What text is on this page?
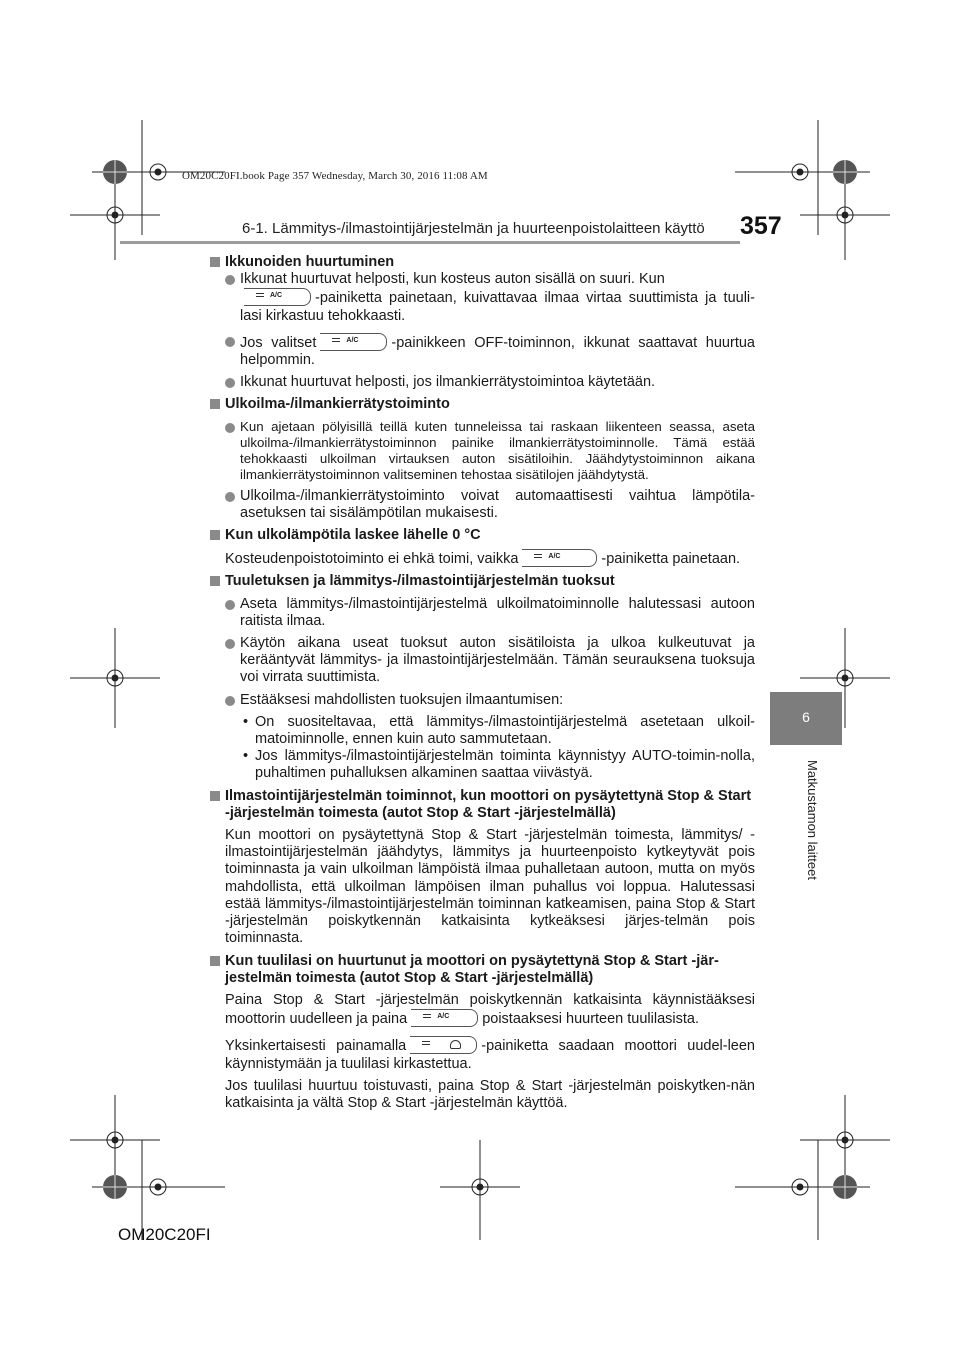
OM20C20FI.book Page 357 Wednesday, March 30, 2016 11:08 AM
6-1. Lämmitys-/ilmastointijärjestelmän ja huurteenpoistolaitteen käyttö 357
6
Matkustamon laitteet

Ikkunoiden huurtuminen

Ikkunat huurtuvat helposti, kun kosteus auton sisällä on suuri. Kun

A/C -painiketta painetaan, kuivattavaa ilmaa virtaa suuttimista ja tuuli-lasi kirkastuu tehokkaasti.

Jos valitset	A/C -painikkeen OFF-toiminnon, ikkunat saattavat huurtua helpommin.

Ikkunat huurtuvat helposti, jos ilmankierrätystoimintoa käytetään.

Ulkoilma-/ilmankierrätystoiminto

Kun ajetaan pölyisillä teillä kuten tunneleissa tai raskaan liikenteen seassa, aseta ulkoilma-/ilmankierrätystoiminnon painike ilmankierrätystoiminnolle. Tämä estää tehokkaasti ulkoilman virtauksen auton sisätiloihin. Jäähdytystoiminnon aikana ilmankierrätystoiminnon valitseminen tehostaa sisätilojen jäähdytystä.

Ulkoilma-/ilmankierrätystoiminto voivat automaattisesti vaihtua lämpötila-asetuksen tai sisälämpötilan mukaisesti.

Kun ulkolämpötila laskee lähelle 0 °C

Kosteudenpoistotoiminto ei ehkä toimi, vaikka	A/C	-painiketta painetaan.

Tuuletuksen ja lämmitys-/ilmastointijärjestelmän tuoksut

Aseta lämmitys-/ilmastointijärjestelmä ulkoilmatoiminnolle halutessasi autoon raitista ilmaa.

Käytön aikana useat tuoksut auton sisätiloista ja ulkoa kulkeutuvat ja kerääntyvät lämmitys- ja ilmastointijärjestelmään. Tämän seurauksena tuoksuja voi virrata suuttimista.

Estääksesi mahdollisten tuoksujen ilmaantumisen:

• On suositeltavaa, että lämmitys-/ilmastointijärjestelmä asetetaan ulkoil-matoiminnolle, ennen kuin auto sammutetaan.

• Jos lämmitys-/ilmastointijärjestelmän toiminta käynnistyy AUTO-toimin-nolla, puhaltimen puhalluksen alkaminen saattaa viivästyä.

Ilmastointijärjestelmän toiminnot, kun moottori on pysäytettynä Stop & Start -järjestelmän toimesta (autot Stop & Start -järjestelmällä)

Kun moottori on pysäytettynä Stop & Start -järjestelmän toimesta, lämmitys/ -ilmastointijärjestelmän jäähdytys, lämmitys ja huurteenpoisto kytkeytyvät pois toiminnasta ja vain ulkoilman lämpöistä ilmaa puhalletaan autoon, mutta on myös mahdollista, että ulkoilman lämpöisen ilman puhallus voi loppua. Halutessasi estää lämmitys-/ilmastointijärjestelmän toiminnan katkeamisen, paina Stop & Start -järjestelmän poiskytkennän katkaisinta kytkeäksesi järjes-telmän pois toiminnasta.

Kun tuulilasi on huurtunut ja moottori on pysäytettynä Stop & Start -jär-jestelmän toimesta (autot Stop & Start -järjestelmällä)

Paina Stop & Start -järjestelmän poiskytkennän katkaisinta käynnistääksesi moottorin uudelleen ja paina	A/C poistaaksesi huurteen tuulilasista.

Yksinkertaisesti painamalla	-painiketta saadaan moottori uudel-leen käynnistymään ja tuulilasi kirkastettua.

Jos tuulilasi huurtuu toistuvasti, paina Stop & Start -järjestelmän poiskytken-nän katkaisinta ja vältä Stop & Start -järjestelmän käyttöä.

OM20C20FI
